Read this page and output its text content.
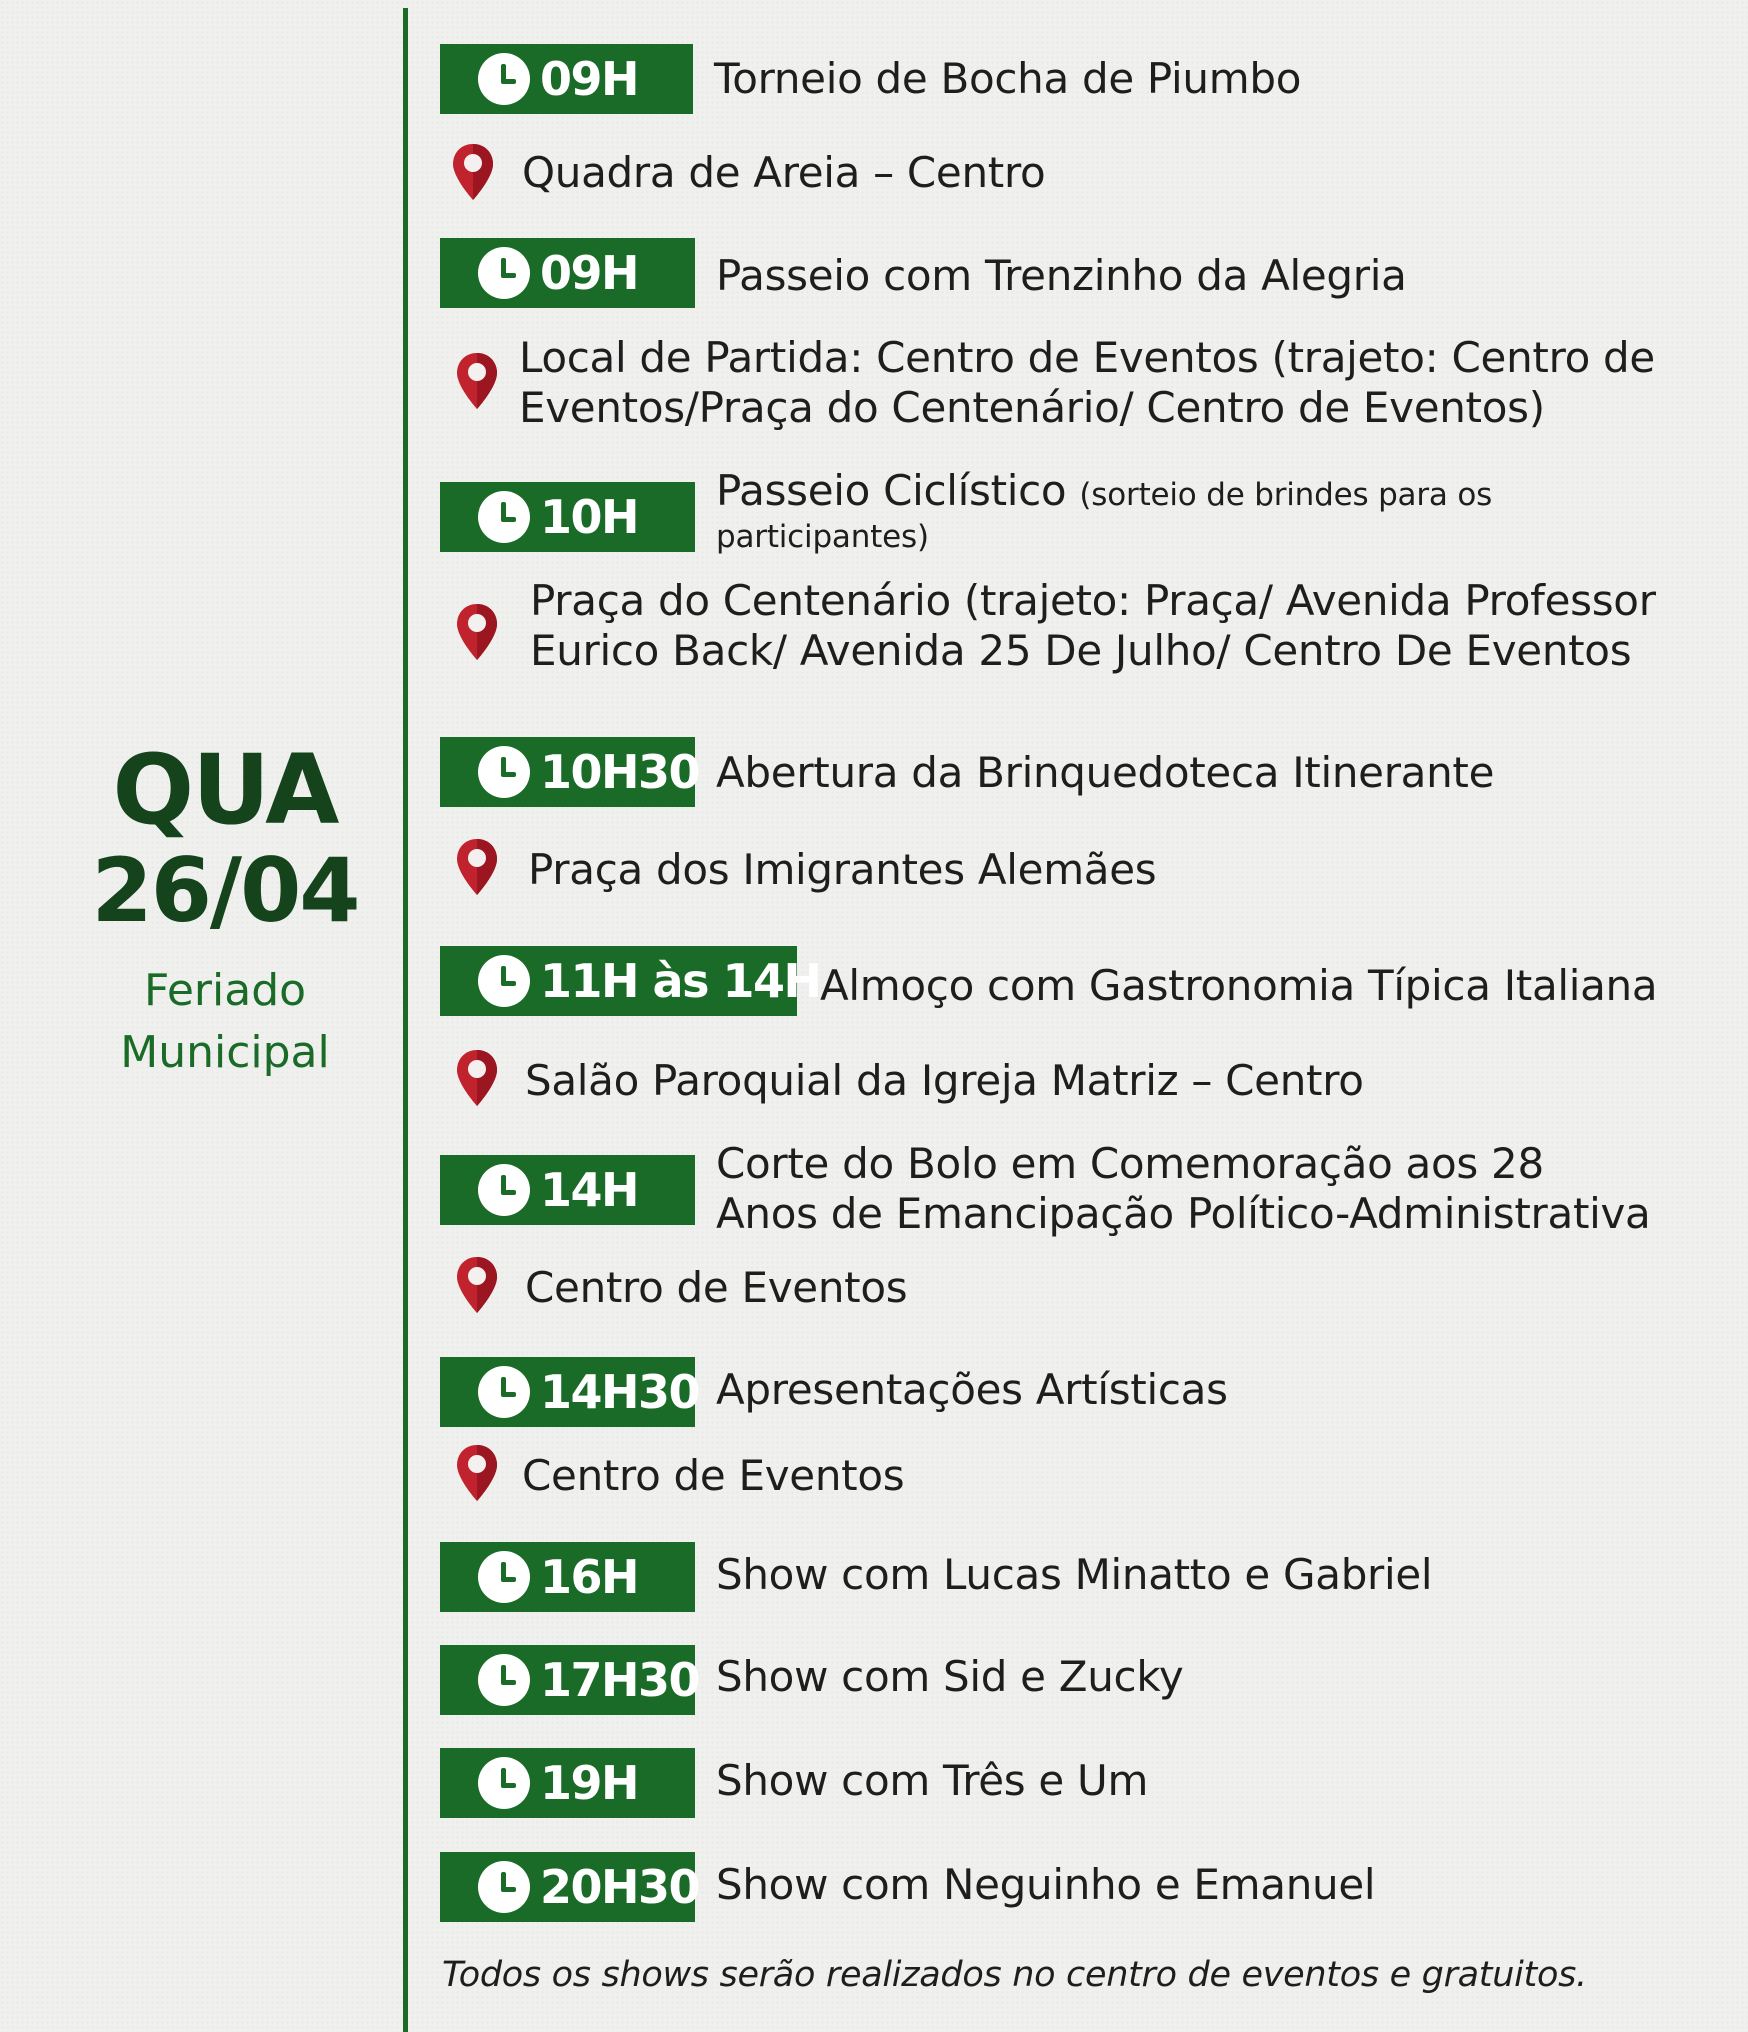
QUA
26/04
Feriado
Municipal
09H Torneio de Bocha de Piumbo
Quadra de Areia – Centro
09H Passeio com Trenzinho da Alegria
Local de Partida: Centro de Eventos (trajeto: Centro de
Eventos/Praça do Centenário/ Centro de Eventos)
10H Passeio Ciclístico (sorteio de brindes para os
participantes)
Praça do Centenário (trajeto: Praça/ Avenida Professor
Eurico Back/ Avenida 25 De Julho/ Centro De Eventos
10H30 Abertura da Brinquedoteca Itinerante
Praça dos Imigrantes Alemães
11H às 14H Almoço com Gastronomia Típica Italiana
Salão Paroquial da Igreja Matriz – Centro
14H Corte do Bolo em Comemoração aos 28
Anos de Emancipação Político-Administrativa
Centro de Eventos
14H30 Apresentações Artísticas
Centro de Eventos
16H Show com Lucas Minatto e Gabriel
17H30 Show com Sid e Zucky
19H Show com Três e Um
20H30 Show com Neguinho e Emanuel
Todos os shows serão realizados no centro de eventos e gratuitos.
